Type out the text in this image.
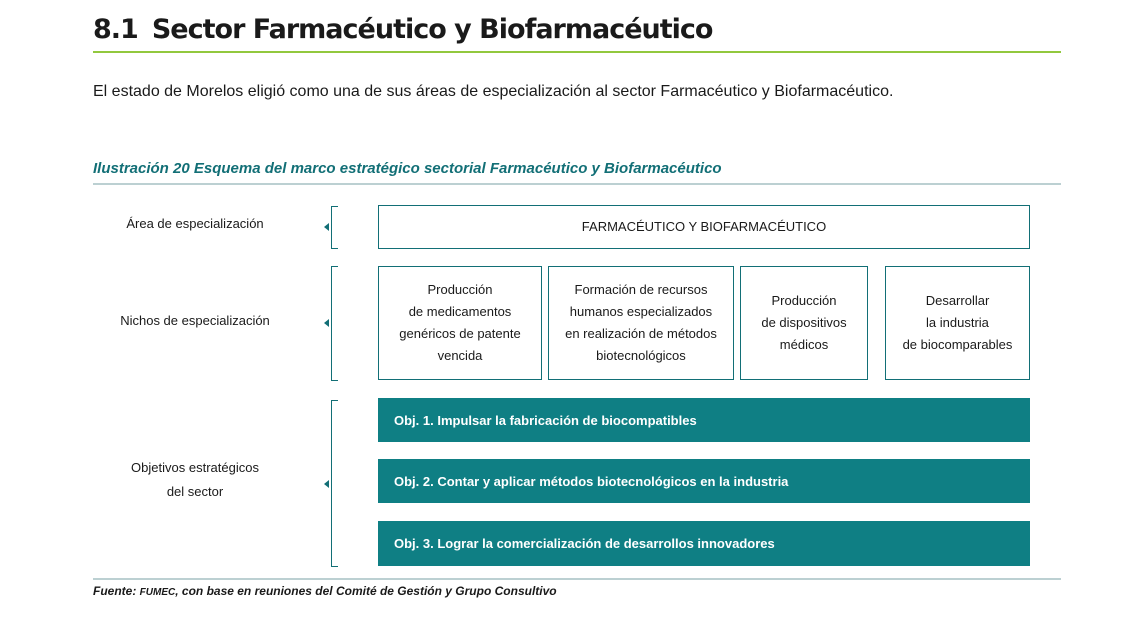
8.1 Sector Farmacéutico y Biofarmacéutico
El estado de Morelos eligió como una de sus áreas de especialización al sector Farmacéutico y Biofarmacéutico.
Ilustración 20 Esquema del marco estratégico sectorial Farmacéutico y Biofarmacéutico
Área de especialización
Nichos de especialización
Objetivos estratégicos
del sector
FARMACÉUTICO Y BIOFARMACÉUTICO
Producción
de medicamentos
genéricos de patente
vencida
Formación de recursos
humanos especializados
en realización de métodos
biotecnológicos
Producción
de dispositivos
médicos
Desarrollar
la industria
de biocomparables
Obj. 1. Impulsar la fabricación de biocompatibles
Obj. 2. Contar y aplicar métodos biotecnológicos en la industria
Obj. 3. Lograr la comercialización de desarrollos innovadores
Fuente: FUMEC, con base en reuniones del Comité de Gestión y Grupo Consultivo
